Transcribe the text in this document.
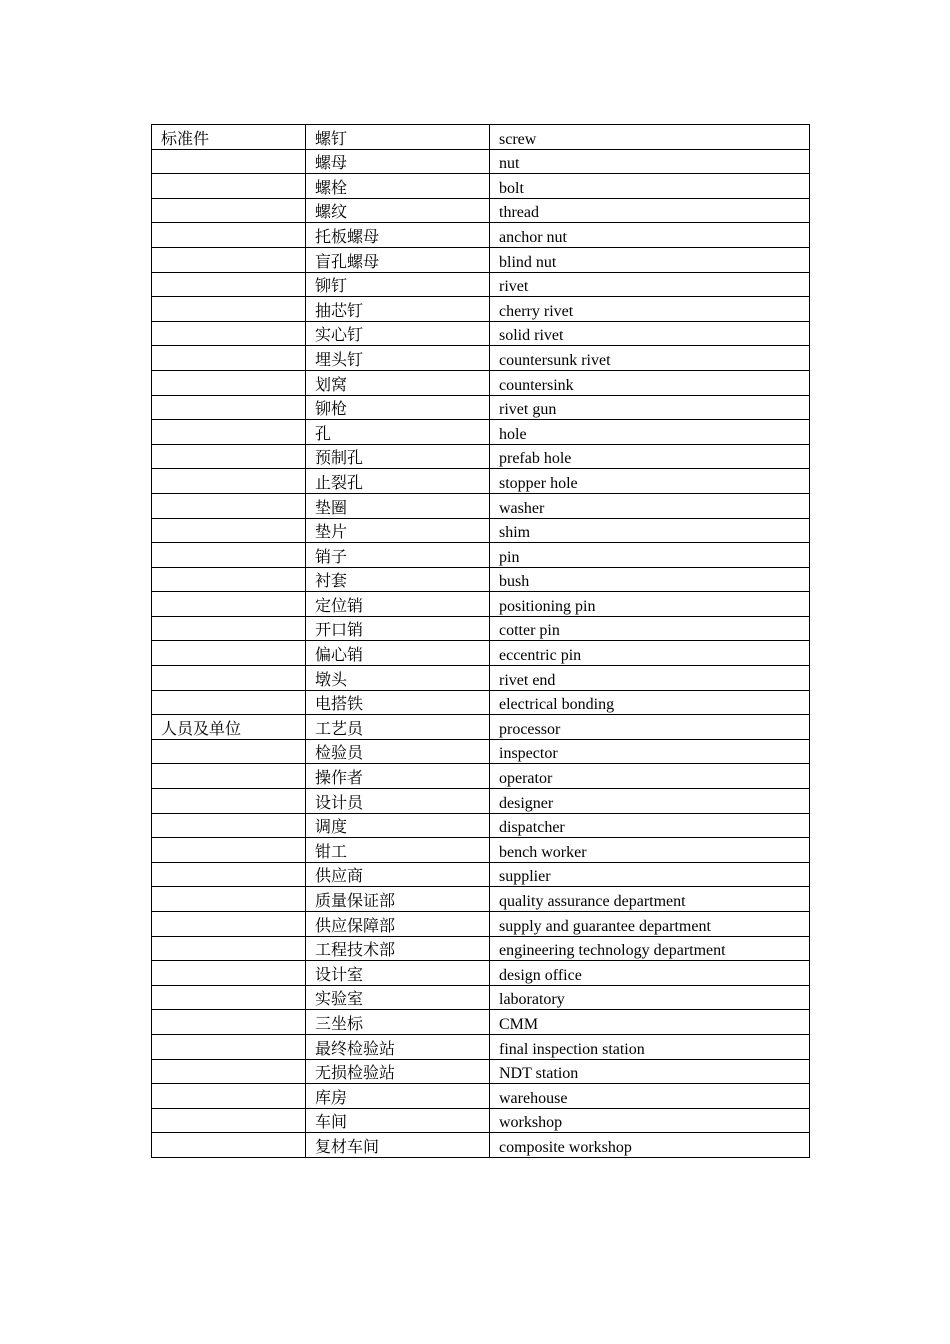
标准件	螺钉	screw
	螺母	nut
	螺栓	bolt
	螺纹	thread
	托板螺母	anchor nut
	盲孔螺母	blind nut
	铆钉	rivet
	抽芯钉	cherry rivet
	实心钉	solid rivet
	埋头钉	countersunk rivet
	划窝	countersink
	铆枪	rivet gun
	孔	hole
	预制孔	prefab hole
	止裂孔	stopper hole
	垫圈	washer
	垫片	shim
	销子	pin
	衬套	bush
	定位销	positioning pin
	开口销	cotter pin
	偏心销	eccentric pin
	墩头	rivet end
	电搭铁	electrical bonding
人员及单位	工艺员	processor
	检验员	inspector
	操作者	operator
	设计员	designer
	调度	dispatcher
	钳工	bench worker
	供应商	supplier
	质量保证部	quality assurance department
	供应保障部	supply and guarantee department
	工程技术部	engineering technology department
	设计室	design office
	实验室	laboratory
	三坐标	CMM
	最终检验站	final inspection station
	无损检验站	NDT station
	库房	warehouse
	车间	workshop
	复材车间	composite workshop
